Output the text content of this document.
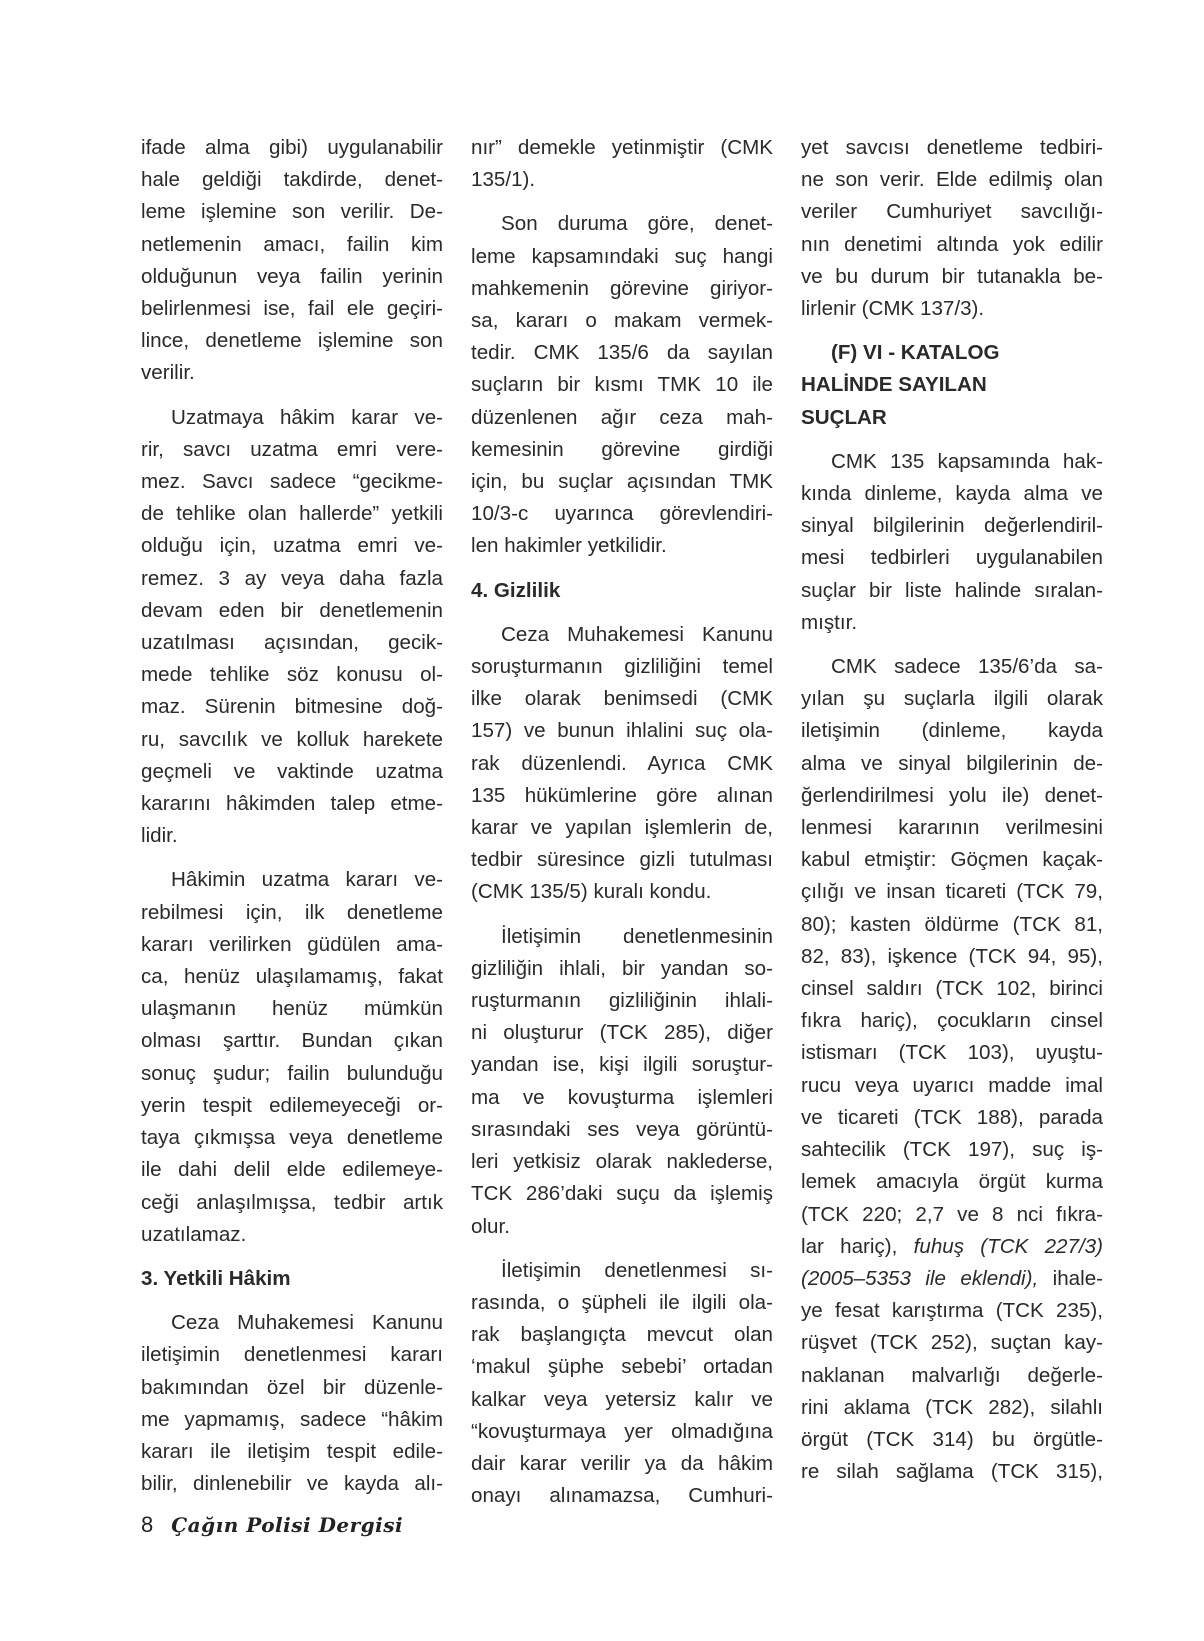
ifade alma gibi) uygulanabilir
hale geldiği takdirde, denet-
leme işlemine son verilir. De-
netlemenin amacı, failin kim
olduğunun veya failin yerinin
belirlenmesi ise, fail ele geçiri-
lince, denetleme işlemine son
verilir.
Uzatmaya hâkim karar ve-
rir, savcı uzatma emri vere-
mez. Savcı sadece “gecikme-
de tehlike olan hallerde” yetkili
olduğu için, uzatma emri ve-
remez. 3 ay veya daha fazla
devam eden bir denetlemenin
uzatılması açısından, gecik-
mede tehlike söz konusu ol-
maz. Sürenin bitmesine doğ-
ru, savcılık ve kolluk harekete
geçmeli ve vaktinde uzatma
kararını hâkimden talep etme-
lidir.
Hâkimin uzatma kararı ve-
rebilmesi için, ilk denetleme
kararı verilirken güdülen ama-
ca, henüz ulaşılamamış, fakat
ulaşmanın henüz mümkün
olması şarttır. Bundan çıkan
sonuç şudur; failin bulunduğu
yerin tespit edilemeyeceği or-
taya çıkmışsa veya denetleme
ile dahi delil elde edilemeye-
ceği anlaşılmışsa, tedbir artık
uzatılamaz.
3. Yetkili Hâkim
Ceza Muhakemesi Kanunu
iletişimin denetlenmesi kararı
bakımından özel bir düzenle-
me yapmamış, sadece “hâkim
kararı ile iletişim tespit edile-
bilir, dinlenebilir ve kayda alı-
nır” demekle yetinmiştir (CMK
135/1).
Son duruma göre, denet-
leme kapsamındaki suç hangi
mahkemenin görevine giriyor-
sa, kararı o makam vermek-
tedir. CMK 135/6 da sayılan
suçların bir kısmı TMK 10 ile
düzenlenen ağır ceza mah-
kemesinin görevine girdiği
için, bu suçlar açısından TMK
10/3-c uyarınca görevlendiri-
len hakimler yetkilidir.
4. Gizlilik
Ceza Muhakemesi Kanunu
soruşturmanın gizliliğini temel
ilke olarak benimsedi (CMK
157) ve bunun ihlalini suç ola-
rak düzenlendi. Ayrıca CMK
135 hükümlerine göre alınan
karar ve yapılan işlemlerin de,
tedbir süresince gizli tutulması
(CMK 135/5) kuralı kondu.
İletişimin denetlenmesinin
gizliliğin ihlali, bir yandan so-
ruşturmanın gizliliğinin ihlali-
ni oluşturur (TCK 285), diğer
yandan ise, kişi ilgili soruştur-
ma ve kovuşturma işlemleri
sırasındaki ses veya görüntü-
leri yetkisiz olarak naklederse,
TCK 286’daki suçu da işlemiş
olur.
İletişimin denetlenmesi sı-
rasında, o şüpheli ile ilgili ola-
rak başlangıçta mevcut olan
‘makul şüphe sebebi’ ortadan
kalkar veya yetersiz kalır ve
“kovuşturmaya yer olmadığına
dair karar verilir ya da hâkim
onayı alınamazsa, Cumhuri-
yet savcısı denetleme tedbiri-
ne son verir. Elde edilmiş olan
veriler Cumhuriyet savcılığı-
nın denetimi altında yok edilir
ve bu durum bir tutanakla be-
lirlenir (CMK 137/3).
(F) VI - KATALOG
HALİNDE SAYILAN
SUÇLAR
CMK 135 kapsamında hak-
kında dinleme, kayda alma ve
sinyal bilgilerinin değerlendiril-
mesi tedbirleri uygulanabilen
suçlar bir liste halinde sıralan-
mıştır.
CMK sadece 135/6’da sa-
yılan şu suçlarla ilgili olarak
iletişimin (dinleme, kayda
alma ve sinyal bilgilerinin de-
ğerlendirilmesi yolu ile) denet-
lenmesi kararının verilmesini
kabul etmiştir: Göçmen kaçak-
çılığı ve insan ticareti (TCK 79,
80); kasten öldürme (TCK 81,
82, 83), işkence (TCK 94, 95),
cinsel saldırı (TCK 102, birinci
fıkra hariç), çocukların cinsel
istismarı (TCK 103), uyuştu-
rucu veya uyarıcı madde imal
ve ticareti (TCK 188), parada
sahtecilik (TCK 197), suç iş-
lemek amacıyla örgüt kurma
(TCK 220; 2,7 ve 8 nci fıkra-
lar hariç), fuhuş (TCK 227/3)
(2005–5353 ile eklendi), ihale-
ye fesat karıştırma (TCK 235),
rüşvet (TCK 252), suçtan kay-
naklanan malvarlığı değerle-
rini aklama (TCK 282), silahlı
örgüt (TCK 314) bu örgütle-
re silah sağlama (TCK 315),
8 Çağın Polisi Dergisi
